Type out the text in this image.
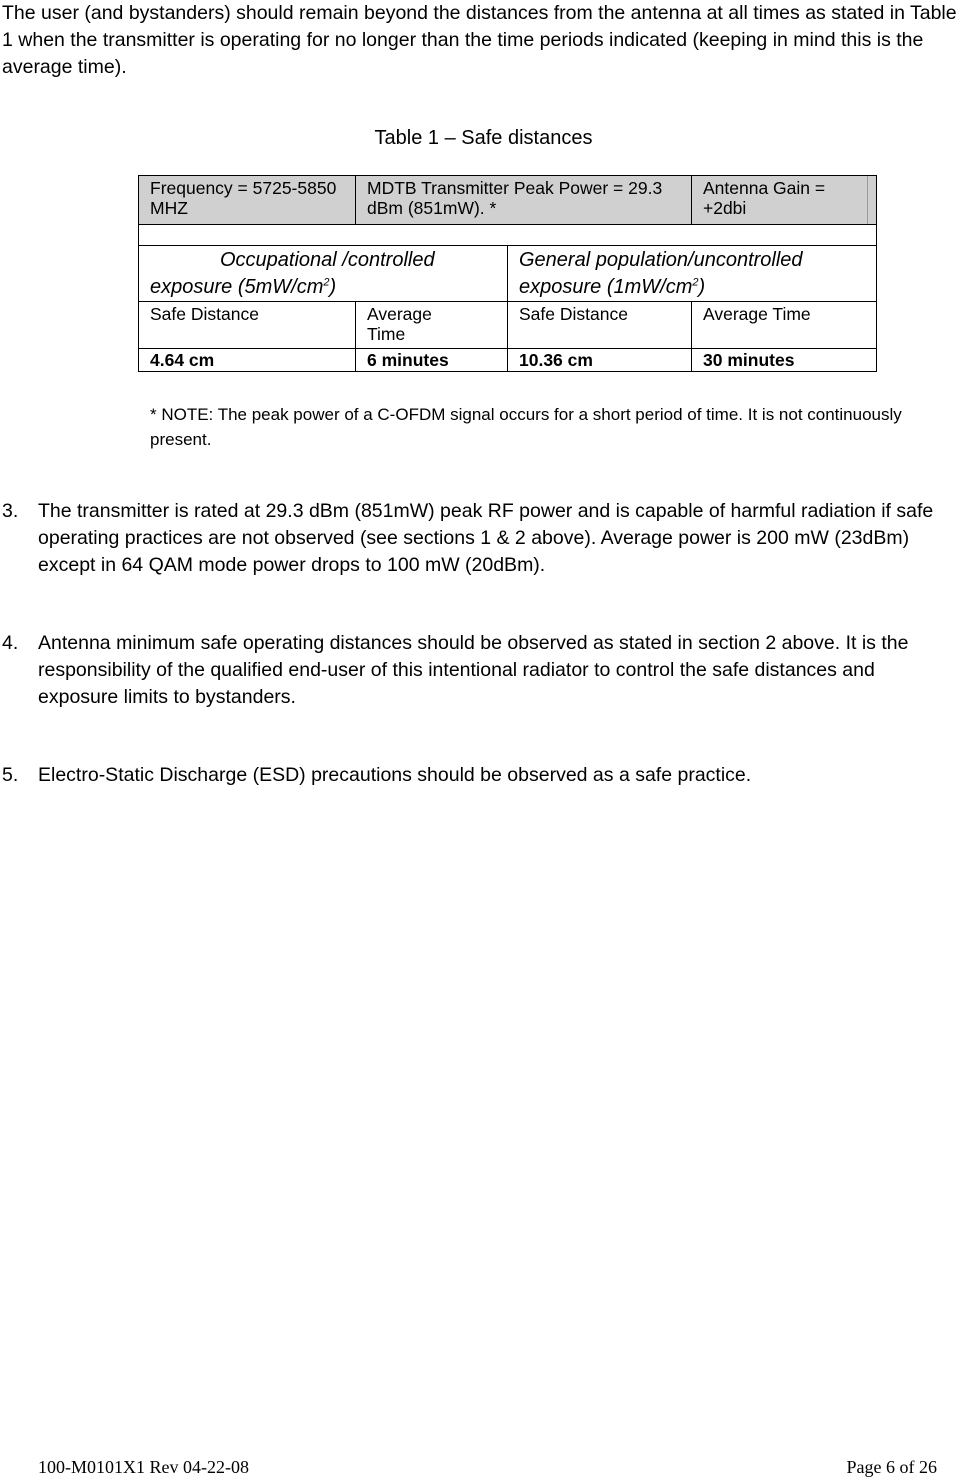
The user (and bystanders) should remain beyond the distances from the antenna at all times as stated in Table 1 when the transmitter is operating for no longer than the time periods indicated (keeping in mind this is the average time).

Table 1 – Safe distances

Frequency = 5725-5850 MHZ	MDTB Transmitter Peak Power = 29.3 dBm (851mW). *		Antenna Gain = +2dbi

Occupational /controlled exposure $(5mW/cm^2)$		General population/uncontrolled exposure $(1mW/cm^2)$	
Safe Distance	Average Time	Safe Distance	Average Time
4.64 cm	6 minutes	10.36 cm	30 minutes

* NOTE: The peak power of a C-OFDM signal occurs for a short period of time. It is not continuously present.

3. The transmitter is rated at 29.3 dBm (851mW) peak RF power and is capable of harmful radiation if safe operating practices are not observed (see sections 1 & 2 above). Average power is 200 mW (23dBm) except in 64 QAM mode power drops to 100 mW (20dBm).
4. Antenna minimum safe operating distances should be observed as stated in section 2 above. It is the responsibility of the qualified end-user of this intentional radiator to control the safe distances and exposure limits to bystanders.
5. Electro-Static Discharge (ESD) precautions should be observed as a safe practice.

100-M0101X1 Rev 04-22-08	Page 6 of 26
